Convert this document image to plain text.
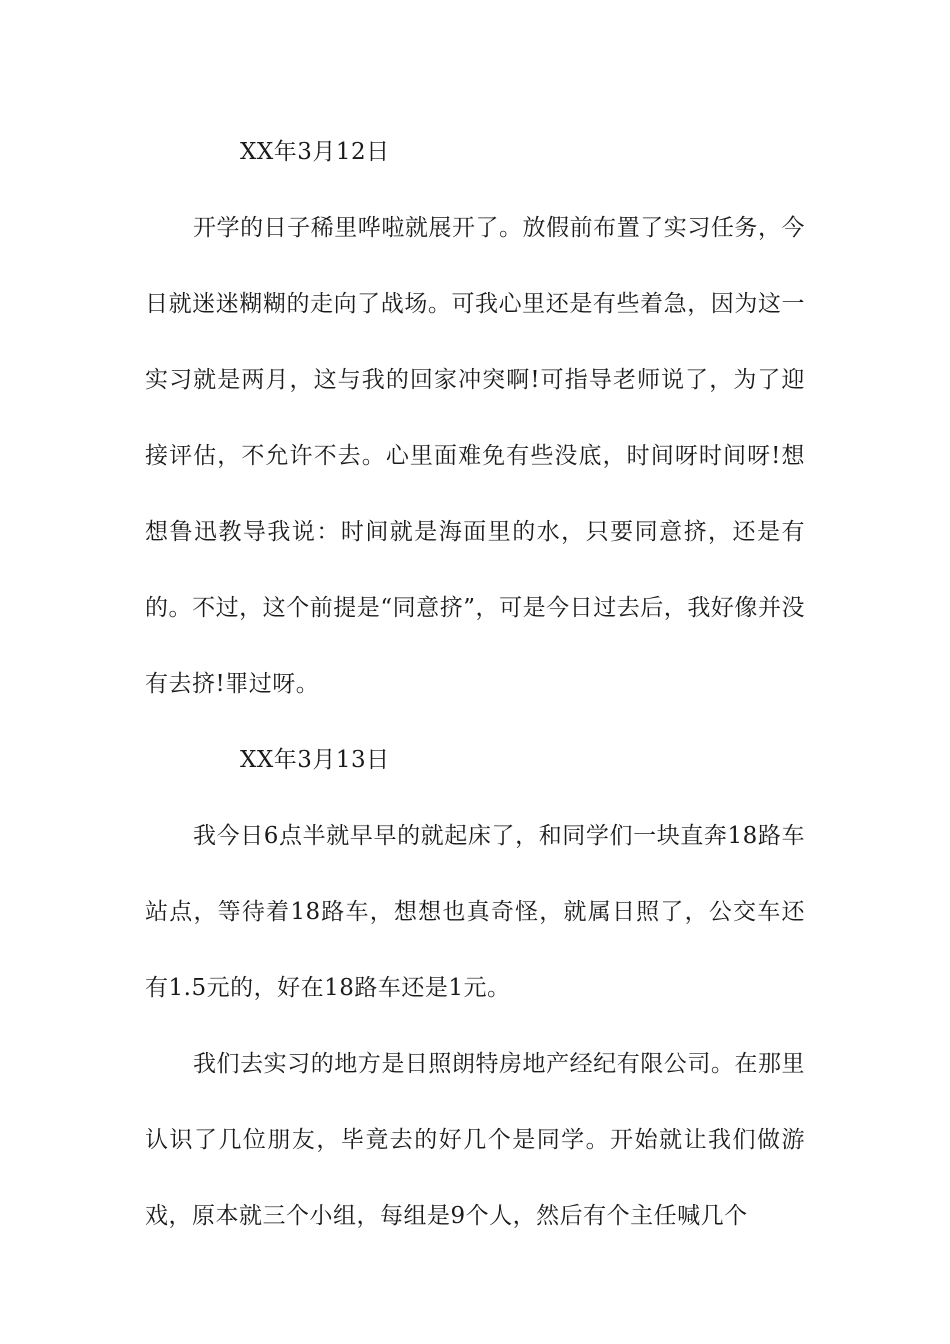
XX年3月12日

开学的日子稀里哗啦就展开了。放假前布置了实习任务，今日就迷迷糊糊的走向了战场。可我心里还是有些着急，因为这一实习就是两月，这与我的回家冲突啊!可指导老师说了，为了迎接评估，不允许不去。心里面难免有些没底，时间呀时间呀!想想鲁迅教导我说：时间就是海面里的水，只要同意挤，还是有的。不过，这个前提是“同意挤”，可是今日过去后，我好像并没有去挤!罪过呀。

XX年3月13日

我今日6点半就早早的就起床了，和同学们一块直奔18路车站点，等待着18路车，想想也真奇怪，就属日照了，公交车还有1.5元的，好在18路车还是1元。

我们去实习的地方是日照朗特房地产经纪有限公司。在那里认识了几位朋友，毕竟去的好几个是同学。开始就让我们做游戏，原本就三个小组，每组是9个人，然后有个主任喊几个
